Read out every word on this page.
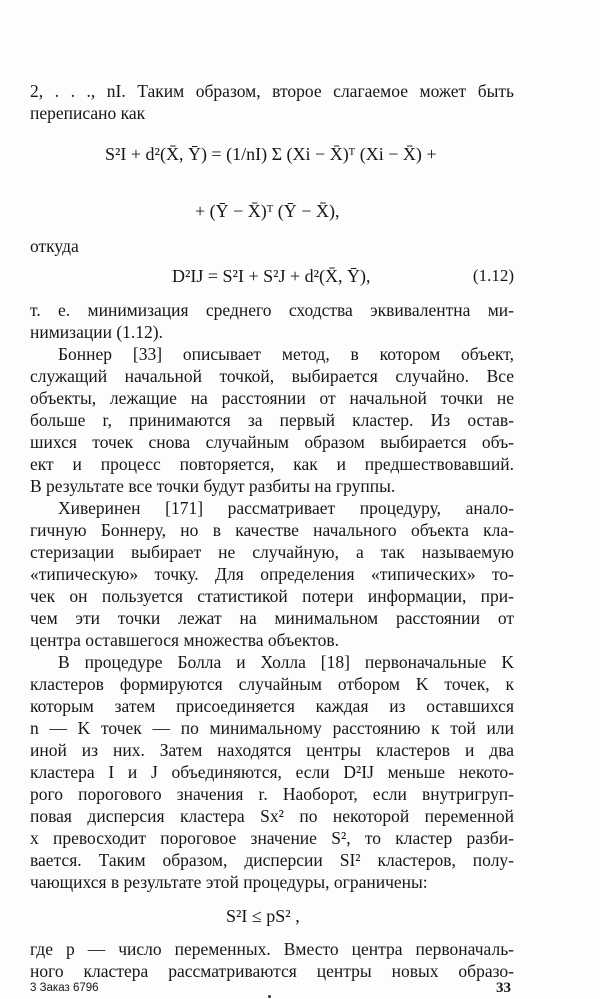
2, . . ., nI. Таким образом, второе слагаемое может быть
переписано как
S²I + d²(X̄, Ȳ) = (1/nI) Σ (Xi − X̄)ᵀ (Xi − X̄) +
+ (Ȳ − X̄)ᵀ (Ȳ − X̄),
откуда
D²IJ = S²I + S²J + d²(X̄, Ȳ),	(1.12)
т. е. минимизация среднего сходства эквивалентна ми-
нимизации (1.12).
Боннер [33] описывает метод, в котором объект,
служащий начальной точкой, выбирается случайно. Все
объекты, лежащие на расстоянии от начальной точки не
больше r, принимаются за первый кластер. Из остав-
шихся точек снова случайным образом выбирается объ-
ект и процесс повторяется, как и предшествовавший.
В результате все точки будут разбиты на группы.
Хиверинен [171] рассматривает процедуру, анало-
гичную Боннеру, но в качестве начального объекта кла-
стеризации выбирает не случайную, а так называемую
«типическую» точку. Для определения «типических» то-
чек он пользуется статистикой потери информации, при-
чем эти точки лежат на минимальном расстоянии от
центра оставшегося множества объектов.
В процедуре Болла и Холла [18] первоначальные K
кластеров формируются случайным отбором K точек, к
которым затем присоединяется каждая из оставшихся
n — K точек — по минимальному расстоянию к той или
иной из них. Затем находятся центры кластеров и два
кластера I и J объединяются, если D²IJ меньше некото-
рого порогового значения r. Наоборот, если внутригруп-
повая дисперсия кластера Sx² по некоторой переменной
x превосходит пороговое значение S², то кластер разби-
вается. Таким образом, дисперсии SI² кластеров, полу-
чающихся в результате этой процедуры, ограничены:
S²I ≤ pS² ,
где p — число переменных. Вместо центра первоначаль-
ного кластера рассматриваются центры новых образо-
3 Заказ 6796	33
